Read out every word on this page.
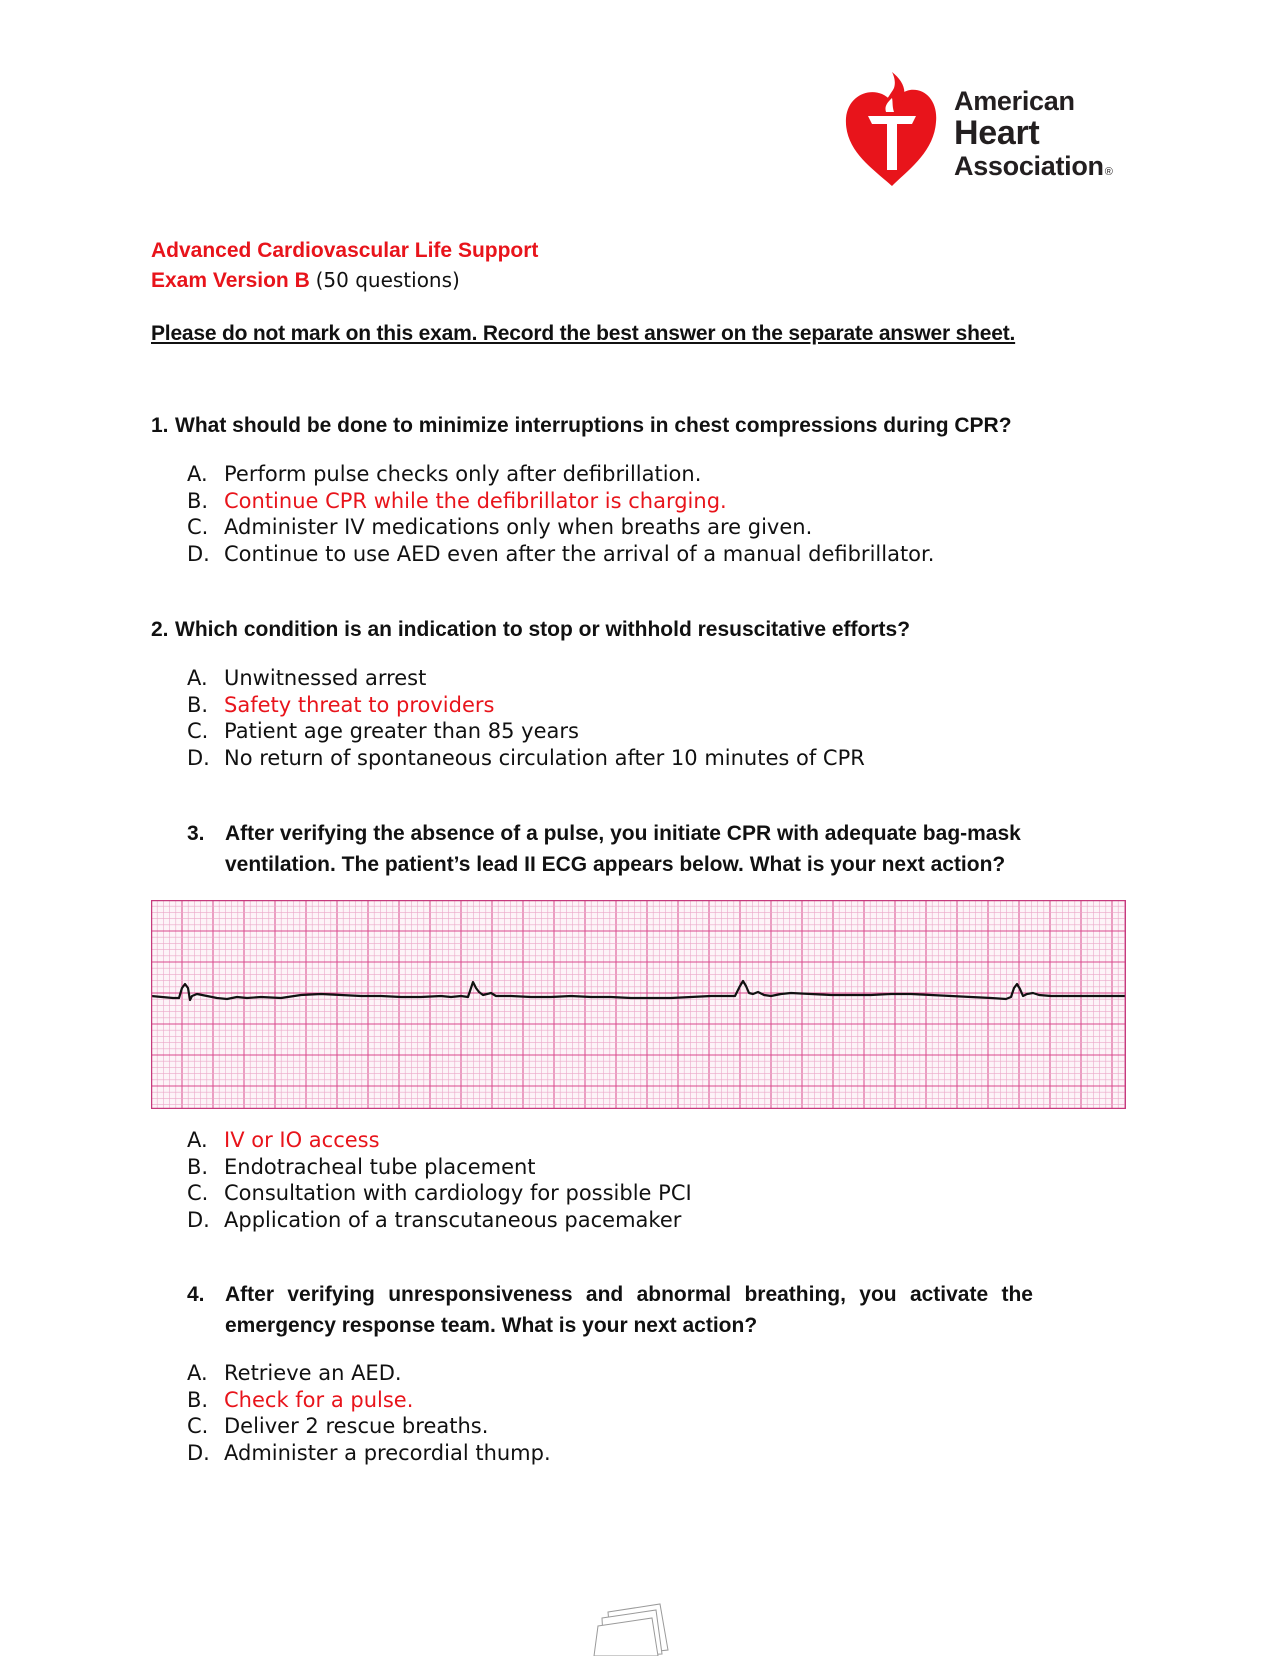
American
Heart
Association®
Advanced Cardiovascular Life Support
Exam Version B (50 questions)
Please do not mark on this exam. Record the best answer on the separate answer sheet.
1. What should be done to minimize interruptions in chest compressions during CPR?
A. Perform pulse checks only after defibrillation.
B. Continue CPR while the defibrillator is charging.
C. Administer IV medications only when breaths are given.
D. Continue to use AED even after the arrival of a manual defibrillator.
2. Which condition is an indication to stop or withhold resuscitative efforts?
A. Unwitnessed arrest
B. Safety threat to providers
C. Patient age greater than 85 years
D. No return of spontaneous circulation after 10 minutes of CPR
3. After verifying the absence of a pulse, you initiate CPR with adequate bag-mask ventilation. The patient’s lead II ECG appears below. What is your next action?
A. IV or IO access
B. Endotracheal tube placement
C. Consultation with cardiology for possible PCI
D. Application of a transcutaneous pacemaker
4. After verifying unresponsiveness and abnormal breathing, you activate the emergency response team. What is your next action?
A. Retrieve an AED.
B. Check for a pulse.
C. Deliver 2 rescue breaths.
D. Administer a precordial thump.
